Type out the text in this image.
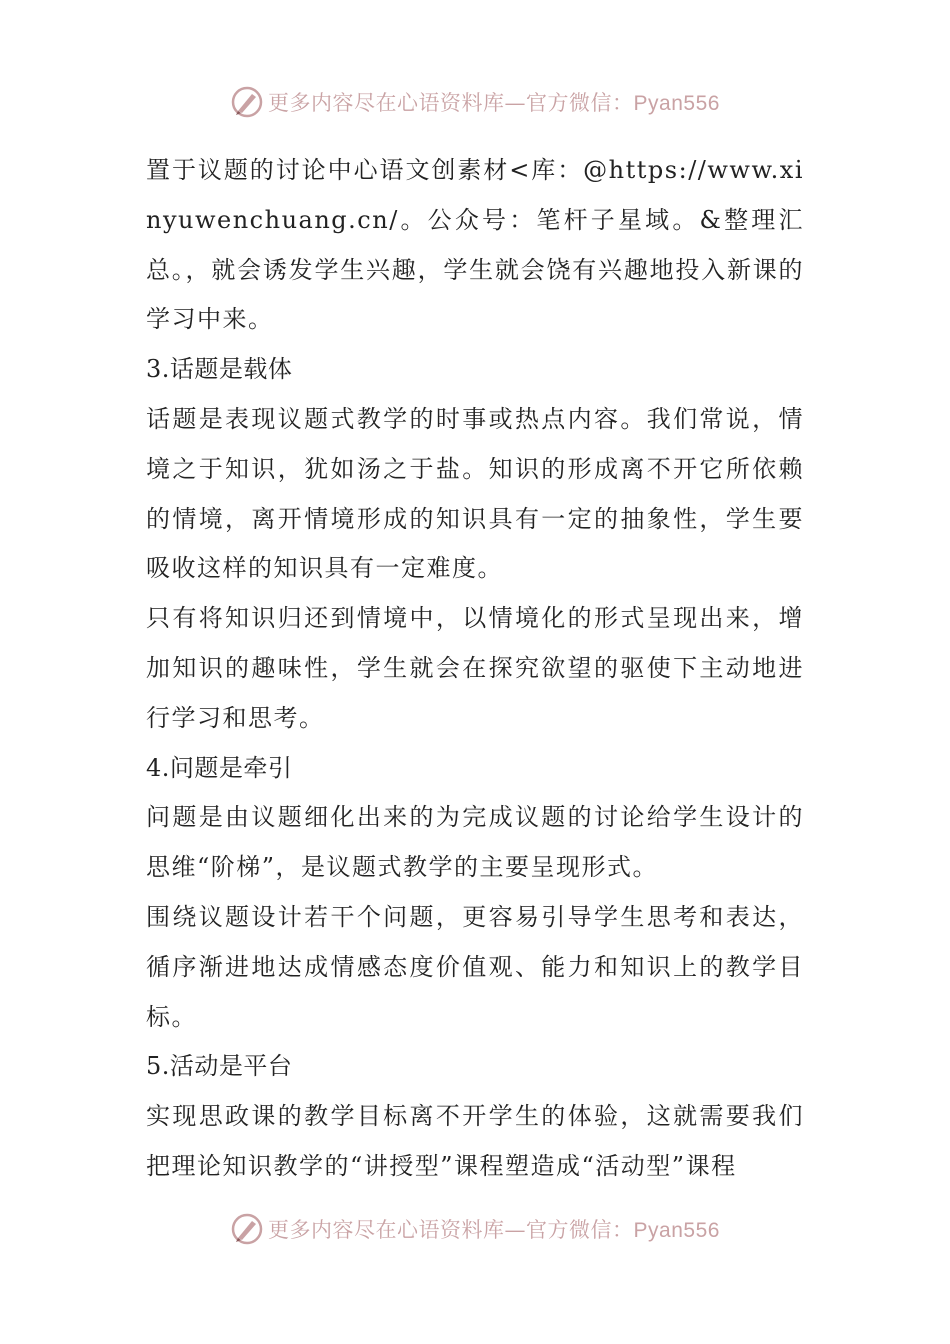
更多内容尽在心语资料库—官方微信：Pyan556

置于议题的讨论中心语文创素材<库：@https://www.xinyuwenchuang.cn/。公众号：笔杆子星域。&整理汇总。，就会诱发学生兴趣，学生就会饶有兴趣地投入新课的学习中来。

3.话题是载体

话题是表现议题式教学的时事或热点内容。我们常说，情境之于知识，犹如汤之于盐。知识的形成离不开它所依赖的情境，离开情境形成的知识具有一定的抽象性，学生要吸收这样的知识具有一定难度。

只有将知识归还到情境中，以情境化的形式呈现出来，增加知识的趣味性，学生就会在探究欲望的驱使下主动地进行学习和思考。

4.问题是牵引

问题是由议题细化出来的为完成议题的讨论给学生设计的思维“阶梯”，是议题式教学的主要呈现形式。

围绕议题设计若干个问题，更容易引导学生思考和表达，循序渐进地达成情感态度价值观、能力和知识上的教学目标。

5.活动是平台

实现思政课的教学目标离不开学生的体验，这就需要我们把理论知识教学的“讲授型”课程塑造成“活动型”课程

更多内容尽在心语资料库—官方微信：Pyan556
